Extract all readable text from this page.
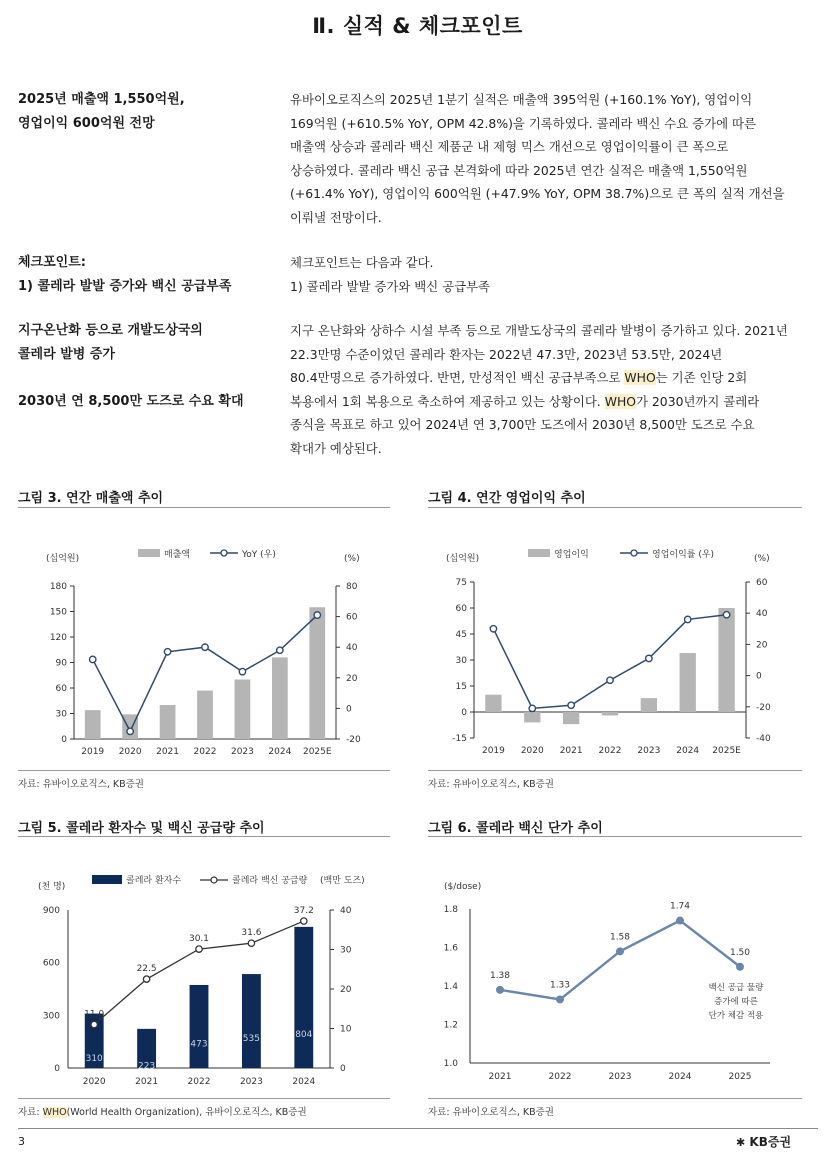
Ⅱ. 실적 & 체크포인트
2025년 매출액 1,550억원,
영업이익 600억원 전망
유바이오로직스의 2025년 1분기 실적은 매출액 395억원 (+160.1% YoY), 영업이익
169억원 (+610.5% YoY, OPM 42.8%)을 기록하였다. 콜레라 백신 수요 증가에 따른
매출액 상승과 콜레라 백신 제품군 내 제형 믹스 개선으로 영업이익률이 큰 폭으로
상승하였다. 콜레라 백신 공급 본격화에 따라 2025년 연간 실적은 매출액 1,550억원
(+61.4% YoY), 영업이익 600억원 (+47.9% YoY, OPM 38.7%)으로 큰 폭의 실적 개선을
이뤄낼 전망이다.
체크포인트:
1) 콜레라 발발 증가와 백신 공급부족
체크포인트는 다음과 같다.
1) 콜레라 발발 증가와 백신 공급부족
지구온난화 등으로 개발도상국의
콜레라 발병 증가
2030년 연 8,500만 도즈로 수요 확대
지구 온난화와 상하수 시설 부족 등으로 개발도상국의 콜레라 발병이 증가하고 있다. 2021년
22.3만명 수준이었던 콜레라 환자는 2022년 47.3만, 2023년 53.5만, 2024년
80.4만명으로 증가하였다. 반면, 만성적인 백신 공급부족으로 WHO는 기존 인당 2회
복용에서 1회 복용으로 축소하여 제공하고 있는 상황이다. WHO가 2030년까지 콜레라
종식을 목표로 하고 있어 2024년 연 3,700만 도즈에서 2030년 8,500만 도즈로 수요
확대가 예상된다.
그림 3. 연간 매출액 추이
매출액	YoY (우)
(십억원)	(%)
180
150
120
90
60
30
0
80
60
40
20
0
-20
2019 2020 2021 2022 2023 2024 2025E
자료: 유바이오로직스, KB증권
그림 4. 연간 영업이익 추이
영업이익	영업이익률 (우)
(십억원)	(%)
75
60
45
30
15
0
-15
60
40
20
0
-20
-40
2019 2020 2021 2022 2023 2024 2025E
자료: 유바이오로직스, KB증권
그림 5. 콜레라 환자수 및 백신 공급량 추이
콜레라 환자수	콜레라 백신 공급량
(천 명)
(백만 도즈)
900
600
300
0
40
30
20
10
0
310
223
473
535	804
2020	2021	2022	2023	2024
11.0
22.5
30.1
31.6
37.2
자료: WHO(World Health Organization), 유바이오로직스, KB증권
그림 6. 콜레라 백신 단가 추이
($/dose)
1.8
1.6
1.4
1.2
1.0
2021	2022	2023	2024	2025
1.38
1.33
1.58
1.74
1.50
백신 공급 물량
증가에 따른
단가 체감 적용
자료: 유바이오로직스, KB증권
3	✱ KB증권
